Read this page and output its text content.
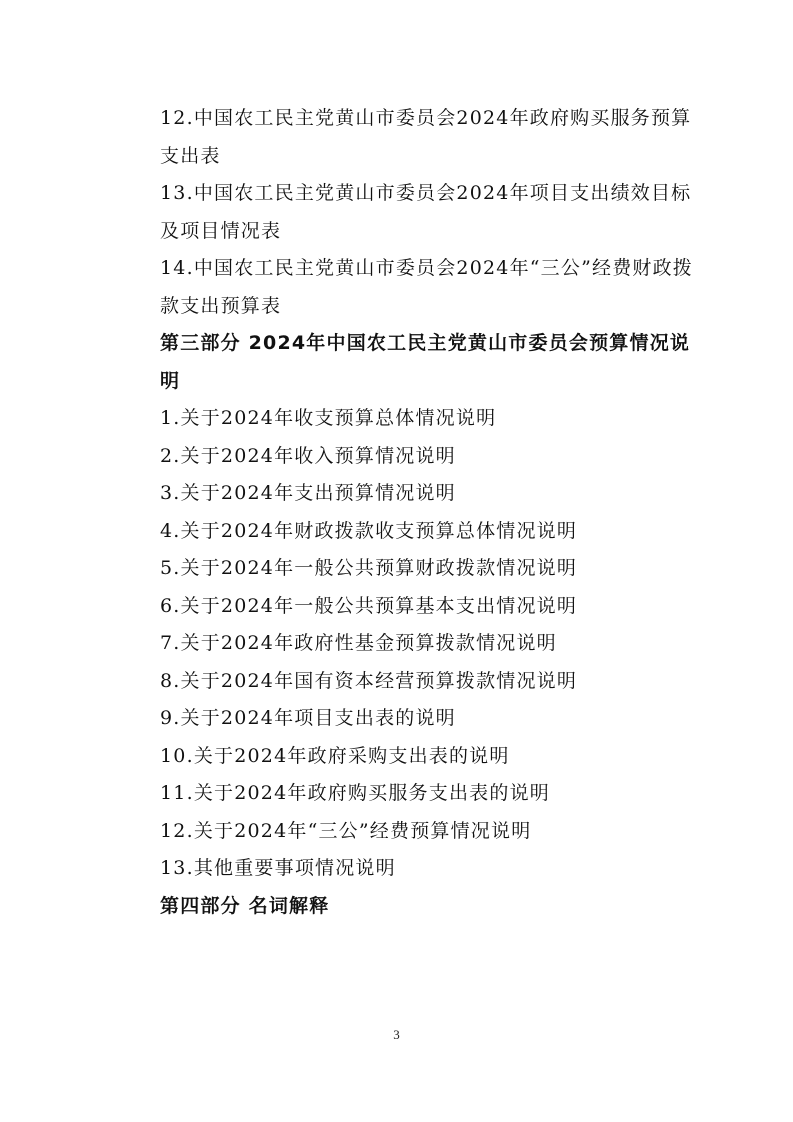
12.中国农工民主党黄山市委员会2024年政府购买服务预算支出表

13.中国农工民主党黄山市委员会2024年项目支出绩效目标及项目情况表

14.中国农工民主党黄山市委员会2024年“三公”经费财政拨款支出预算表

第三部分 2024年中国农工民主党黄山市委员会预算情况说明

1.关于2024年收支预算总体情况说明

2.关于2024年收入预算情况说明

3.关于2024年支出预算情况说明

4.关于2024年财政拨款收支预算总体情况说明

5.关于2024年一般公共预算财政拨款情况说明

6.关于2024年一般公共预算基本支出情况说明

7.关于2024年政府性基金预算拨款情况说明

8.关于2024年国有资本经营预算拨款情况说明

9.关于2024年项目支出表的说明

10.关于2024年政府采购支出表的说明

11.关于2024年政府购买服务支出表的说明

12.关于2024年“三公”经费预算情况说明

13.其他重要事项情况说明

第四部分 名词解释

3
